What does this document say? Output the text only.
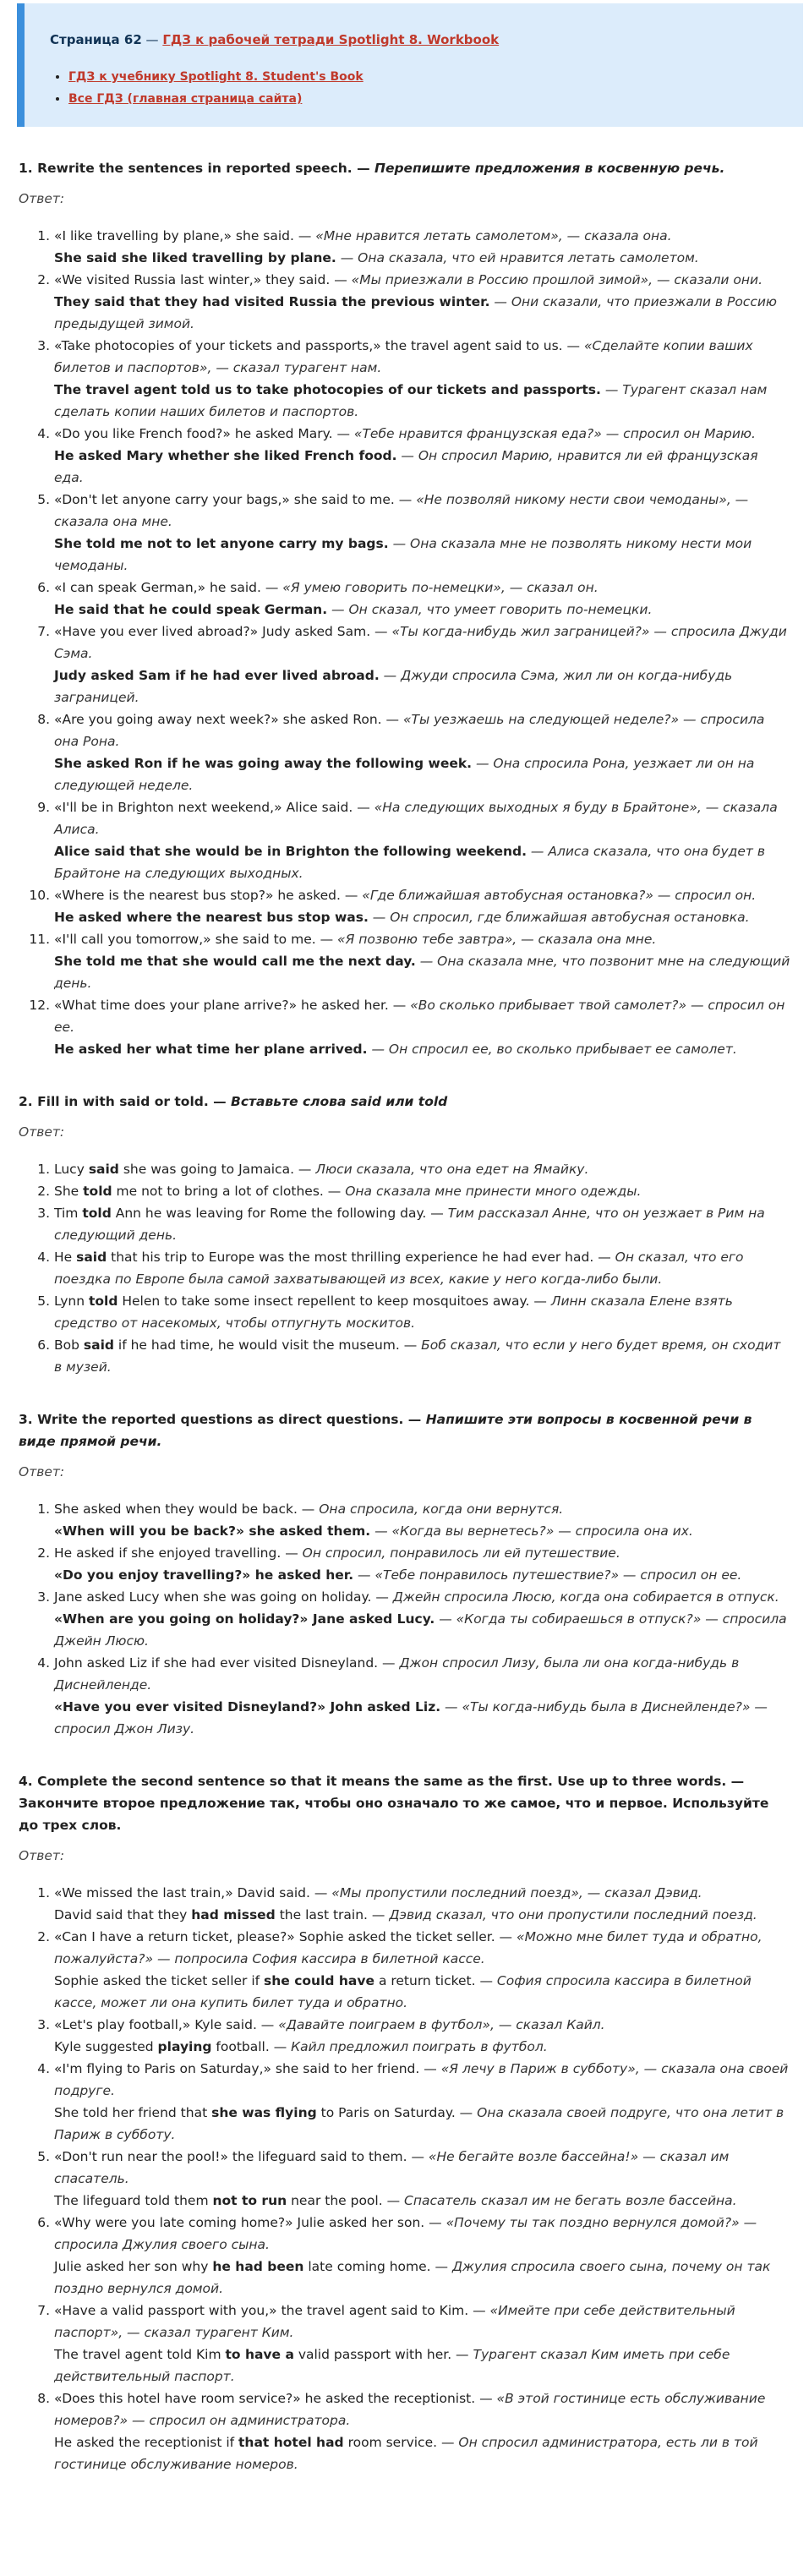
Страница 62 — ГДЗ к рабочей тетради Spotlight 8. Workbook
• ГДЗ к учебнику Spotlight 8. Student's Book
• Все ГДЗ (главная страница сайта)
1. Rewrite the sentences in reported speech. — Перепишите предложения в косвенную речь.
Ответ:
1. «I like travelling by plane,» she said. — «Мне нравится летать самолетом», — сказала она.
She said she liked travelling by plane. — Она сказала, что ей нравится летать самолетом.
2. «We visited Russia last winter,» they said. — «Мы приезжали в Россию прошлой зимой», — сказали они.
They said that they had visited Russia the previous winter. — Они сказали, что приезжали в Россию предыдущей зимой.
3. «Take photocopies of your tickets and passports,» the travel agent said to us. — «Сделайте копии ваших билетов и паспортов», — сказал турагент нам.
The travel agent told us to take photocopies of our tickets and passports. — Турагент сказал нам сделать копии наших билетов и паспортов.
4. «Do you like French food?» he asked Mary. — «Тебе нравится французская еда?» — спросил он Марию.
He asked Mary whether she liked French food. — Он спросил Марию, нравится ли ей французская еда.
5. «Don't let anyone carry your bags,» she said to me. — «Не позволяй никому нести свои чемоданы», — сказала она мне.
She told me not to let anyone carry my bags. — Она сказала мне не позволять никому нести мои чемоданы.
6. «I can speak German,» he said. — «Я умею говорить по-немецки», — сказал он.
He said that he could speak German. — Он сказал, что умеет говорить по-немецки.
7. «Have you ever lived abroad?» Judy asked Sam. — «Ты когда-нибудь жил заграницей?» — спросила Джуди Сэма.
Judy asked Sam if he had ever lived abroad. — Джуди спросила Сэма, жил ли он когда-нибудь заграницей.
8. «Are you going away next week?» she asked Ron. — «Ты уезжаешь на следующей неделе?» — спросила она Рона.
She asked Ron if he was going away the following week. — Она спросила Рона, уезжает ли он на следующей неделе.
9. «I'll be in Brighton next weekend,» Alice said. — «На следующих выходных я буду в Брайтоне», — сказала Алиса.
Alice said that she would be in Brighton the following weekend. — Алиса сказала, что она будет в Брайтоне на следующих выходных.
10. «Where is the nearest bus stop?» he asked. — «Где ближайшая автобусная остановка?» — спросил он.
He asked where the nearest bus stop was. — Он спросил, где ближайшая автобусная остановка.
11. «I'll call you tomorrow,» she said to me. — «Я позвоню тебе завтра», — сказала она мне.
She told me that she would call me the next day. — Она сказала мне, что позвонит мне на следующий день.
12. «What time does your plane arrive?» he asked her. — «Во сколько прибывает твой самолет?» — спросил он ее.
He asked her what time her plane arrived. — Он спросил ее, во сколько прибывает ее самолет.
2. Fill in with said or told. — Вставьте слова said или told
Ответ:
1. Lucy said she was going to Jamaica. — Люси сказала, что она едет на Ямайку.
2. She told me not to bring a lot of clothes. — Она сказала мне принести много одежды.
3. Tim told Ann he was leaving for Rome the following day. — Тим рассказал Анне, что он уезжает в Рим на следующий день.
4. He said that his trip to Europe was the most thrilling experience he had ever had. — Он сказал, что его поездка по Европе была самой захватывающей из всех, какие у него когда-либо были.
5. Lynn told Helen to take some insect repellent to keep mosquitoes away. — Линн сказала Елене взять средство от насекомых, чтобы отпугнуть москитов.
6. Bob said if he had time, he would visit the museum. — Боб сказал, что если у него будет время, он сходит в музей.
3. Write the reported questions as direct questions. — Напишите эти вопросы в косвенной речи в виде прямой речи.
Ответ:
1. She asked when they would be back. — Она спросила, когда они вернутся.
«When will you be back?» she asked them. — «Когда вы вернетесь?» — спросила она их.
2. He asked if she enjoyed travelling. — Он спросил, понравилось ли ей путешествие.
«Do you enjoy travelling?» he asked her. — «Тебе понравилось путешествие?» — спросил он ее.
3. Jane asked Lucy when she was going on holiday. — Джейн спросила Люсю, когда она собирается в отпуск.
«When are you going on holiday?» Jane asked Lucy. — «Когда ты собираешься в отпуск?» — спросила Джейн Люсю.
4. John asked Liz if she had ever visited Disneyland. — Джон спросил Лизу, была ли она когда-нибудь в Диснейленде.
«Have you ever visited Disneyland?» John asked Liz. — «Ты когда-нибудь была в Диснейленде?» — спросил Джон Лизу.
4. Complete the second sentence so that it means the same as the first. Use up to three words. — Закончите второе предложение так, чтобы оно означало то же самое, что и первое. Используйте до трех слов.
Ответ:
1. «We missed the last train,» David said. — «Мы пропустили последний поезд», — сказал Дэвид.
David said that they had missed the last train. — Дэвид сказал, что они пропустили последний поезд.
2. «Can I have a return ticket, please?» Sophie asked the ticket seller. — «Можно мне билет туда и обратно, пожалуйста?» — попросила София кассира в билетной кассе.
Sophie asked the ticket seller if she could have a return ticket. — София спросила кассира в билетной кассе, может ли она купить билет туда и обратно.
3. «Let's play football,» Kyle said. — «Давайте поиграем в футбол», — сказал Кайл.
Kyle suggested playing football. — Кайл предложил поиграть в футбол.
4. «I'm flying to Paris on Saturday,» she said to her friend. — «Я лечу в Париж в субботу», — сказала она своей подруге.
She told her friend that she was flying to Paris on Saturday. — Она сказала своей подруге, что она летит в Париж в субботу.
5. «Don't run near the pool!» the lifeguard said to them. — «Не бегайте возле бассейна!» — сказал им спасатель.
The lifeguard told them not to run near the pool. — Спасатель сказал им не бегать возле бассейна.
6. «Why were you late coming home?» Julie asked her son. — «Почему ты так поздно вернулся домой?» — спросила Джулия своего сына.
Julie asked her son why he had been late coming home. — Джулия спросила своего сына, почему он так поздно вернулся домой.
7. «Have a valid passport with you,» the travel agent said to Kim. — «Имейте при себе действительный паспорт», — сказал турагент Ким.
The travel agent told Kim to have a valid passport with her. — Турагент сказал Ким иметь при себе действительный паспорт.
8. «Does this hotel have room service?» he asked the receptionist. — «В этой гостинице есть обслуживание номеров?» — спросил он администратора.
He asked the receptionist if that hotel had room service. — Он спросил администратора, есть ли в той гостинице обслуживание номеров.
